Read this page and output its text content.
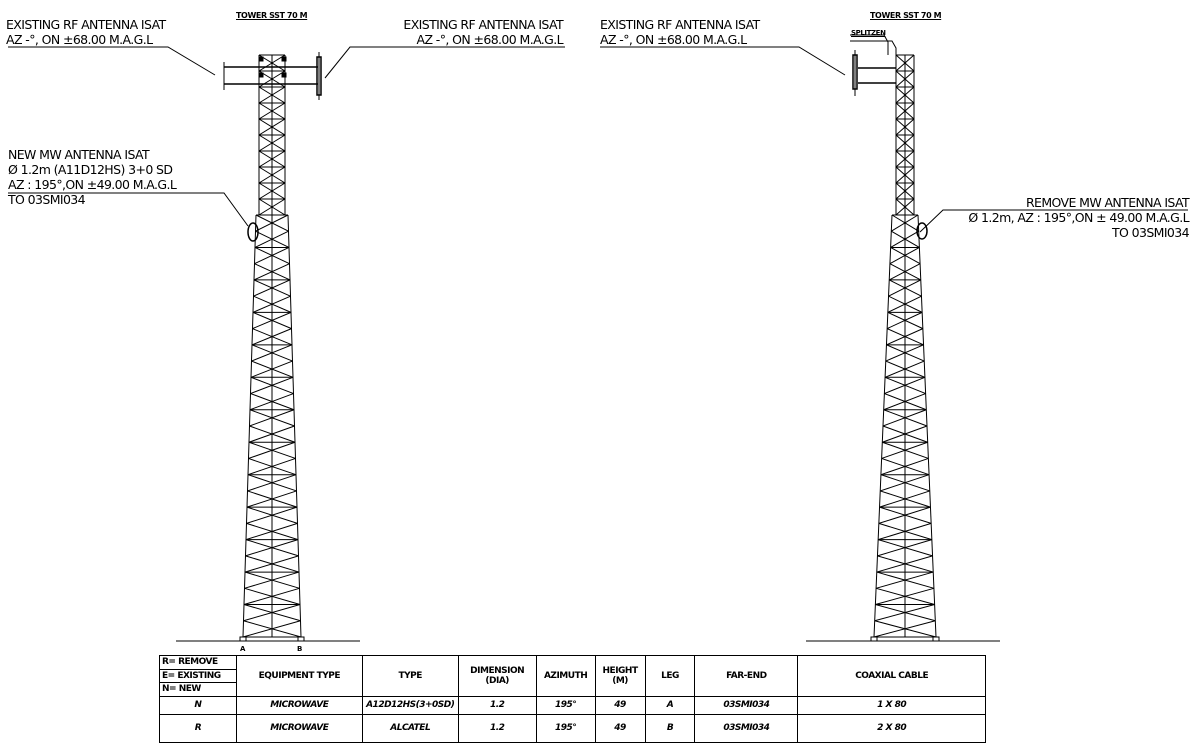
TOWER SST 70 M
EXISTING RF ANTENNA ISAT
AZ -°, ON ±68.00 M.A.G.L
EXISTING RF ANTENNA ISAT
AZ -°, ON ±68.00 M.A.G.L
NEW MW ANTENNA ISAT
Ø 1.2m (A11D12HS) 3+0 SD
AZ : 195°,ON ±49.00 M.A.G.L
TO 03SMI034
A	B
TOWER SST 70 M
SPLITZEN
EXISTING RF ANTENNA ISAT
AZ -°, ON ±68.00 M.A.G.L
REMOVE MW ANTENNA ISAT
Ø 1.2m, AZ : 195°,ON ± 49.00 M.A.G.L
TO 03SMI034
R= REMOVE
E= EXISTING
N= NEW	EQUIPMENT TYPE	TYPE	DIMENSION (DIA)	AZIMUTH	HEIGHT (M)	LEG	FAR-END	COAXIAL CABLE
N	MICROWAVE	A12D12HS(3+0SD)	1.2	195°	49	A	03SMI034	1 X 80
R	MICROWAVE	ALCATEL	1.2	195°	49	B	03SMI034	2 X 80
